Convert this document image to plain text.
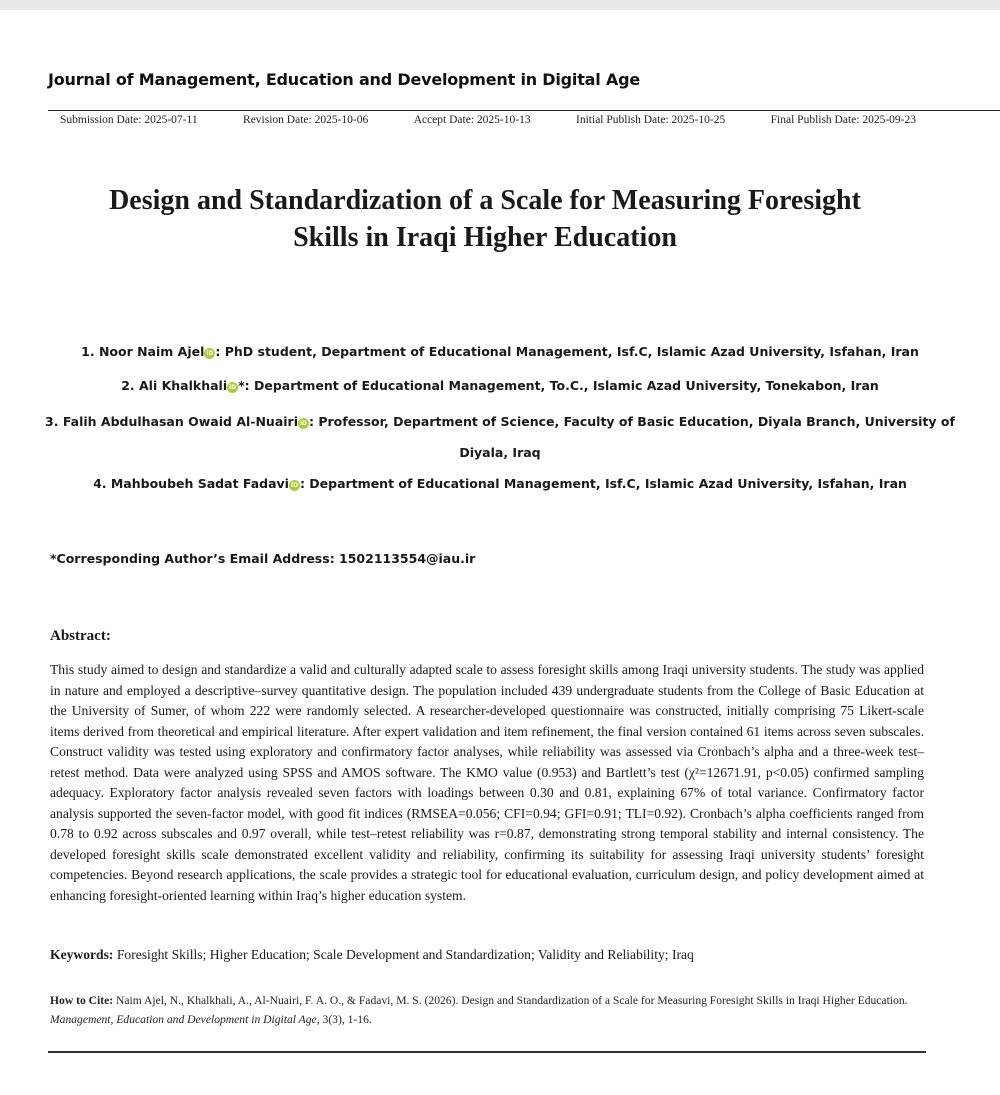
Journal of Management, Education and Development in Digital Age
Submission Date: 2025-07-11	Revision Date: 2025-10-06	Accept Date: 2025-10-13	Initial Publish Date: 2025-10-25	Final Publish Date: 2025-09-23
Design and Standardization of a Scale for Measuring Foresight
Skills in Iraqi Higher Education
1. Noor Naim Ajel iD : PhD student, Department of Educational Management, Isf.C, Islamic Azad University, Isfahan, Iran
2. Ali Khalkhali iD *: Department of Educational Management, To.C., Islamic Azad University, Tonekabon, Iran
3. Falih Abdulhasan Owaid Al-Nuairi iD : Professor, Department of Science, Faculty of Basic Education, Diyala Branch, University of Diyala, Iraq
4. Mahboubeh Sadat Fadavi iD : Department of Educational Management, Isf.C, Islamic Azad University, Isfahan, Iran
*Corresponding Author’s Email Address: 1502113554@iau.ir
Abstract:
This study aimed to design and standardize a valid and culturally adapted scale to assess foresight skills among Iraqi university students. The study was applied in nature and employed a descriptive–survey quantitative design. The population included 439 undergraduate students from the College of Basic Education at the University of Sumer, of whom 222 were randomly selected. A researcher-developed questionnaire was constructed, initially comprising 75 Likert-scale items derived from theoretical and empirical literature. After expert validation and item refinement, the final version contained 61 items across seven subscales. Construct validity was tested using exploratory and confirmatory factor analyses, while reliability was assessed via Cronbach’s alpha and a three-week test–retest method. Data were analyzed using SPSS and AMOS software. The KMO value (0.953) and Bartlett’s test (χ²=12671.91, p<0.05) confirmed sampling adequacy. Exploratory factor analysis revealed seven factors with loadings between 0.30 and 0.81, explaining 67% of total variance. Confirmatory factor analysis supported the seven-factor model, with good fit indices (RMSEA=0.056; CFI=0.94; GFI=0.91; TLI=0.92). Cronbach’s alpha coefficients ranged from 0.78 to 0.92 across subscales and 0.97 overall, while test–retest reliability was r=0.87, demonstrating strong temporal stability and internal consistency. The developed foresight skills scale demonstrated excellent validity and reliability, confirming its suitability for assessing Iraqi university students’ foresight competencies. Beyond research applications, the scale provides a strategic tool for educational evaluation, curriculum design, and policy development aimed at enhancing foresight-oriented learning within Iraq’s higher education system.
Keywords: Foresight Skills; Higher Education; Scale Development and Standardization; Validity and Reliability; Iraq
How to Cite: Naim Ajel, N., Khalkhali, A., Al-Nuairi, F. A. O., & Fadavi, M. S. (2026). Design and Standardization of a Scale for Measuring Foresight Skills in Iraqi Higher Education. Management, Education and Development in Digital Age, 3(3), 1-16.
